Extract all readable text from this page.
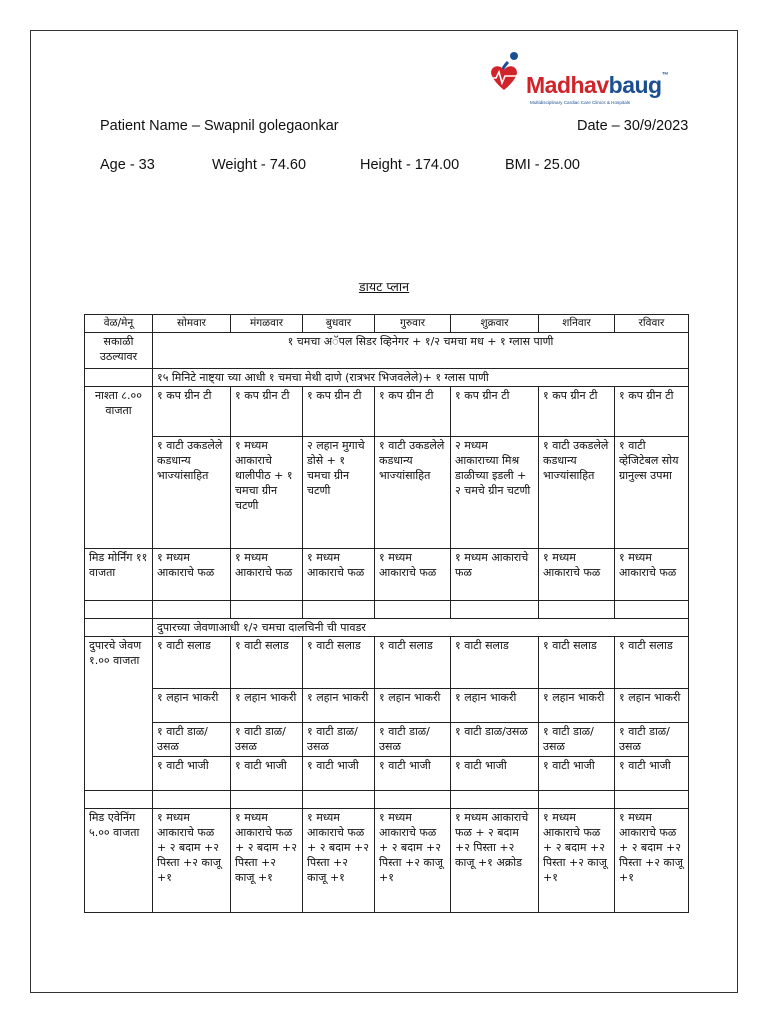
Madhavbaug™
Multidisciplinary Cardiac Care Clinics & Hospitals
Patient Name – Swapnil golegaonkar	Date – 30/9/2023
Age - 33	Weight - 74.60	Height - 174.00	BMI - 25.00
डायट प्लान
वेळ/मेनू	सोमवार	मंगळवार	बुधवार	गुरुवार	शुक्रवार	शनिवार	रविवार
सकाळी उठल्यावर	१ चमचा अॅपल सिडर व्हिनेगर + १/२ चमचा मध + १ ग्लास पाणी						
	१५ मिनिटे नाष्ट्या च्या आधी १ चमचा मेथी दाणे (रात्रभर भिजवलेले)+ १ ग्लास पाणी						
नाश्ता ८.०० वाजता	१ कप ग्रीन टी	१ कप ग्रीन टी	१ कप ग्रीन टी	१ कप ग्रीन टी	१ कप ग्रीन टी	१ कप ग्रीन टी	१ कप ग्रीन टी
	१ वाटी उकडलेले कडधान्य भाज्यांसाहित	१ मध्यम आकाराचे थालीपीठ + १ चमचा ग्रीन चटणी	२ लहान मुगाचे डोसे + १ चमचा ग्रीन चटणी	१ वाटी उकडलेले कडधान्य भाज्यांसाहित	२ मध्यम आकाराच्या मिश्र डाळीच्या इडली + २ चमचे ग्रीन चटणी	१ वाटी उकडलेले कडधान्य भाज्यांसाहित	१ वाटी व्हेजिटेबल सोय ग्रानुल्स उपमा
मिड मोर्निंग ११ वाजता	१ मध्यम आकाराचे फळ	१ मध्यम आकाराचे फळ	१ मध्यम आकाराचे फळ	१ मध्यम आकाराचे फळ	१ मध्यम आकाराचे फळ	१ मध्यम आकाराचे फळ	१ मध्यम आकाराचे फळ

	दुपारच्या जेवणाआधी १/२ चमचा दालचिनी ची पावडर						
दुपारचे जेवण १.०० वाजता	१ वाटी सलाड	१ वाटी सलाड	१ वाटी सलाड	१ वाटी सलाड	१ वाटी सलाड	१ वाटी सलाड	१ वाटी सलाड
	१ लहान भाकरी	१ लहान भाकरी	१ लहान भाकरी	१ लहान भाकरी	१ लहान भाकरी	१ लहान भाकरी	१ लहान भाकरी
	१ वाटी डाळ/उसळ	१ वाटी डाळ/उसळ	१ वाटी डाळ/उसळ	१ वाटी डाळ/उसळ	१ वाटी डाळ/उसळ	१ वाटी डाळ/उसळ	१ वाटी डाळ/उसळ
	१ वाटी भाजी	१ वाटी भाजी	१ वाटी भाजी	१ वाटी भाजी	१ वाटी भाजी	१ वाटी भाजी	१ वाटी भाजी

मिड एवेनिंग ५.०० वाजता	१ मध्यम आकाराचे फळ + २ बदाम +२ पिस्ता +२ काजू +१	१ मध्यम आकाराचे फळ + २ बदाम +२ पिस्ता +२ काजू +१	१ मध्यम आकाराचे फळ + २ बदाम +२ पिस्ता +२ काजू +१	१ मध्यम आकाराचे फळ + २ बदाम +२ पिस्ता +२ काजू +१	१ मध्यम आकाराचे फळ + २ बदाम +२ पिस्ता +२ काजू +१ अक्रोड	१ मध्यम आकाराचे फळ + २ बदाम +२ पिस्ता +२ काजू +१	१ मध्यम आकाराचे फळ + २ बदाम +२ पिस्ता +२ काजू +१
